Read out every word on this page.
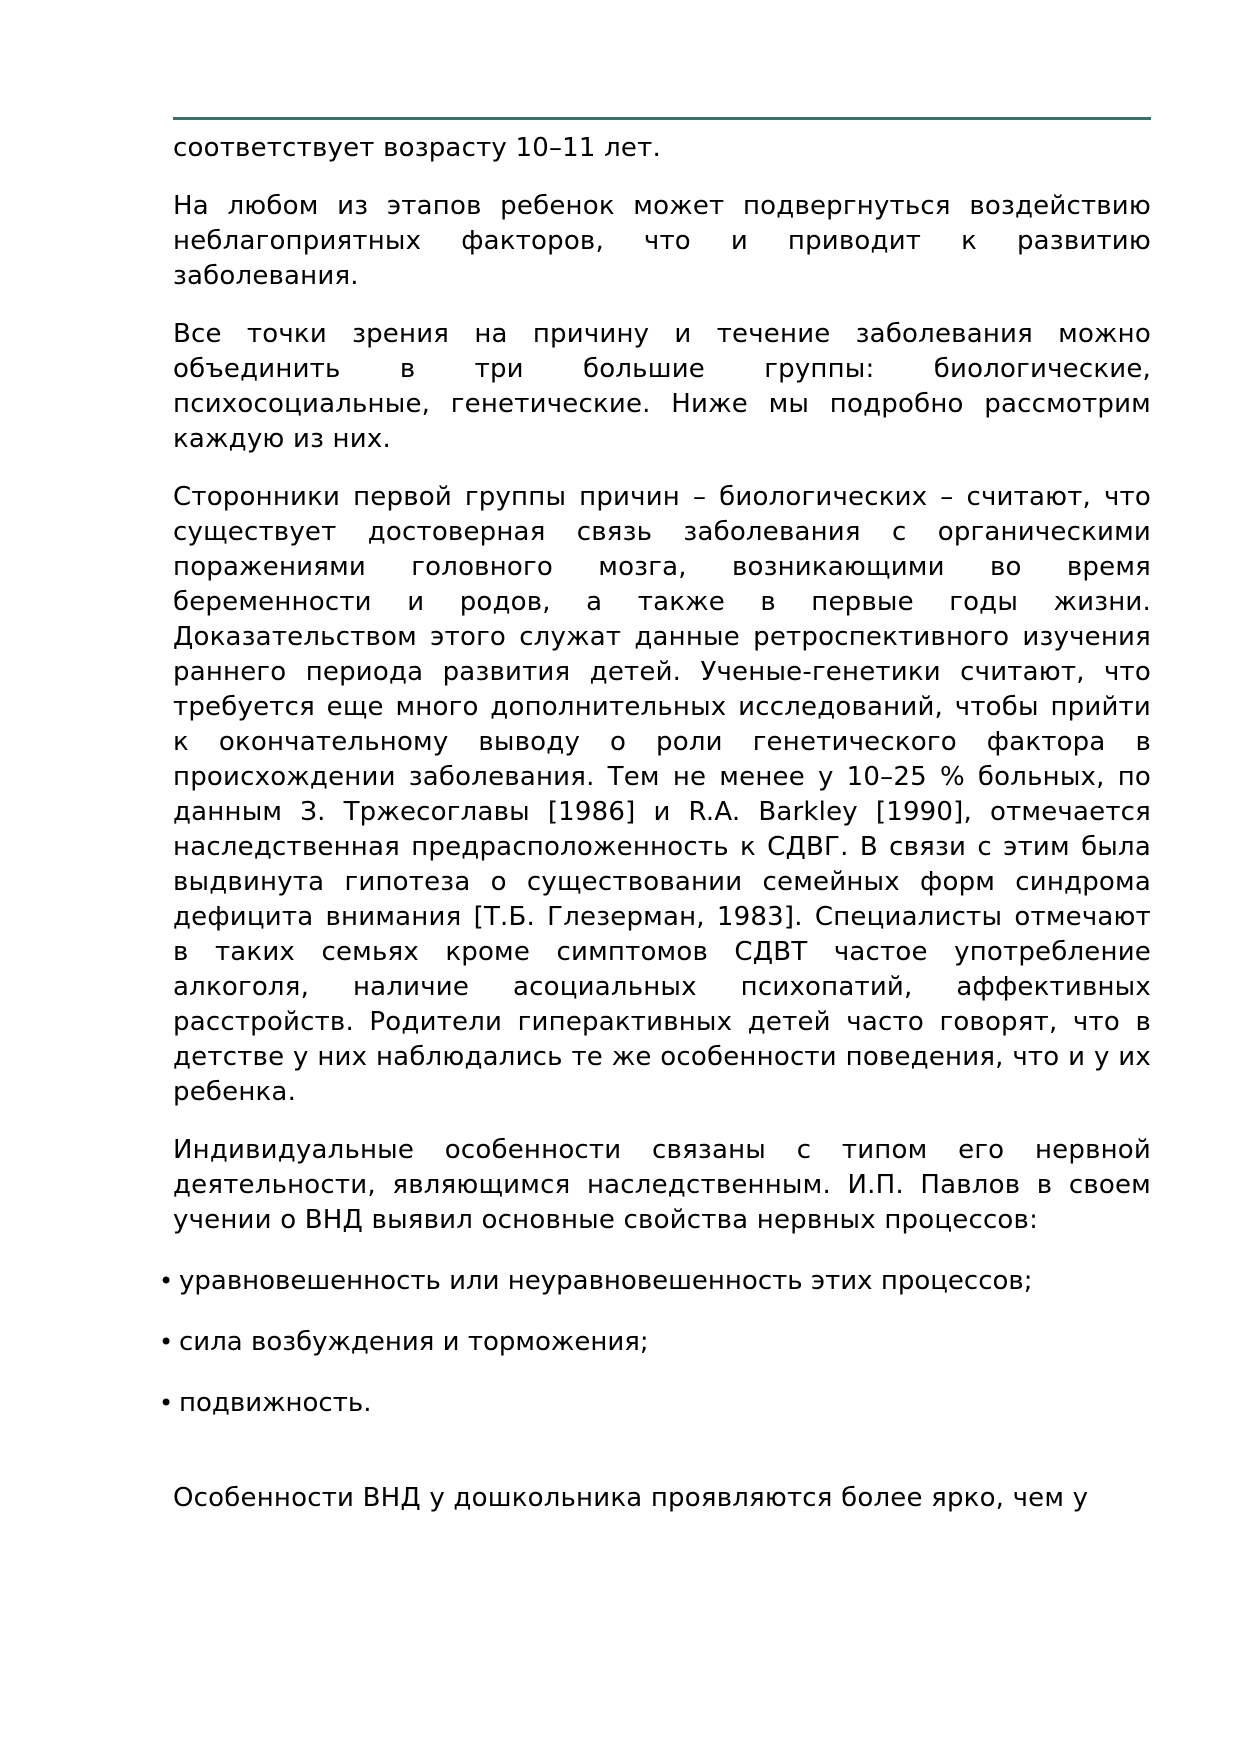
соответствует возрасту 10–11 лет.

На любом из этапов ребенок может подвергнуться воздействию неблагоприятных факторов, что и приводит к развитию заболевания.

Все точки зрения на причину и течение заболевания можно объединить в три большие группы: биологические, психосоциальные, генетические. Ниже мы подробно рассмотрим каждую из них.

Сторонники первой группы причин – биологических – считают, что существует достоверная связь заболевания с органическими поражениями головного мозга, возникающими во время беременности и родов, а также в первые годы жизни. Доказательством этого служат данные ретроспективного изучения раннего периода развития детей. Ученые-генетики считают, что требуется еще много дополнительных исследований, чтобы прийти к окончательному выводу о роли генетического фактора в происхождении заболевания. Тем не менее у 10–25 % больных, по данным З. Тржесоглавы [1986] и R.A. Barkley [1990], отмечается наследственная предрасположенность к СДВГ. В связи с этим была выдвинута гипотеза о существовании семейных форм синдрома дефицита внимания [Т.Б. Глезерман, 1983]. Специалисты отмечают в таких семьях кроме симптомов СДВТ частое употребление алкоголя, наличие асоциальных психопатий, аффективных расстройств. Родители гиперактивных детей часто говорят, что в детстве у них наблюдались те же особенности поведения, что и у их ребенка.

Индивидуальные особенности связаны с типом его нервной деятельности, являющимся наследственным. И.П. Павлов в своем учении о ВНД выявил основные свойства нервных процессов:

• уравновешенность или неуравновешенность этих процессов;
• сила возбуждения и торможения;
• подвижность.

Особенности ВНД у дошкольника проявляются более ярко, чем у
